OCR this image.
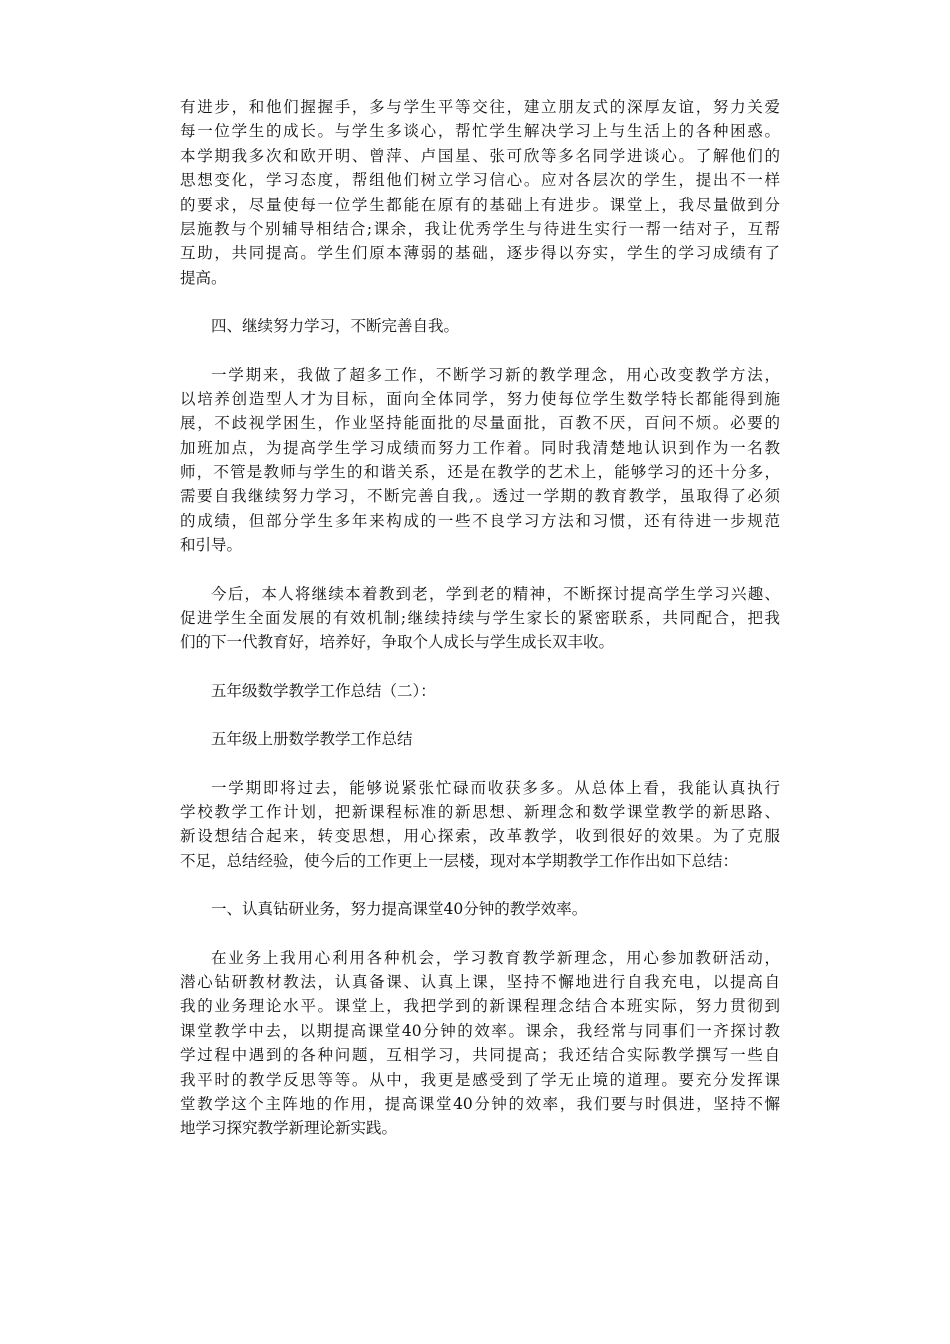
有进步，和他们握握手，多与学生平等交往，建立朋友式的深厚友谊，努力关爱
每一位学生的成长。与学生多谈心，帮忙学生解决学习上与生活上的各种困惑。
本学期我多次和欧开明、曾萍、卢国星、张可欣等多名同学进谈心。了解他们的
思想变化，学习态度，帮组他们树立学习信心。应对各层次的学生，提出不一样
的要求，尽量使每一位学生都能在原有的基础上有进步。课堂上，我尽量做到分
层施教与个别辅导相结合;课余，我让优秀学生与待进生实行一帮一结对子，互帮
互助，共同提高。学生们原本薄弱的基础，逐步得以夯实，学生的学习成绩有了
提高。
四、继续努力学习，不断完善自我。
一学期来，我做了超多工作，不断学习新的教学理念，用心改变教学方法，
以培养创造型人才为目标，面向全体同学，努力使每位学生数学特长都能得到施
展，不歧视学困生，作业坚持能面批的尽量面批，百教不厌，百问不烦。必要的
加班加点，为提高学生学习成绩而努力工作着。同时我清楚地认识到作为一名教
师，不管是教师与学生的和谐关系，还是在教学的艺术上，能够学习的还十分多，
需要自我继续努力学习，不断完善自我,。透过一学期的教育教学，虽取得了必须
的成绩，但部分学生多年来构成的一些不良学习方法和习惯，还有待进一步规范
和引导。
今后，本人将继续本着教到老，学到老的精神，不断探讨提高学生学习兴趣、
促进学生全面发展的有效机制;继续持续与学生家长的紧密联系，共同配合，把我
们的下一代教育好，培养好，争取个人成长与学生成长双丰收。
五年级数学教学工作总结（二）：
五年级上册数学教学工作总结
一学期即将过去，能够说紧张忙碌而收获多多。从总体上看，我能认真执行
学校教学工作计划，把新课程标准的新思想、新理念和数学课堂教学的新思路、
新设想结合起来，转变思想，用心探索，改革教学，收到很好的效果。为了克服
不足，总结经验，使今后的工作更上一层楼，现对本学期教学工作作出如下总结：
一、认真钻研业务，努力提高课堂40分钟的教学效率。
在业务上我用心利用各种机会，学习教育教学新理念，用心参加教研活动，
潜心钻研教材教法，认真备课、认真上课，坚持不懈地进行自我充电，以提高自
我的业务理论水平。课堂上，我把学到的新课程理念结合本班实际，努力贯彻到
课堂教学中去，以期提高课堂40分钟的效率。课余，我经常与同事们一齐探讨教
学过程中遇到的各种问题，互相学习，共同提高；我还结合实际教学撰写一些自
我平时的教学反思等等。从中，我更是感受到了学无止境的道理。要充分发挥课
堂教学这个主阵地的作用，提高课堂40分钟的效率，我们要与时俱进，坚持不懈
地学习探究教学新理论新实践。
